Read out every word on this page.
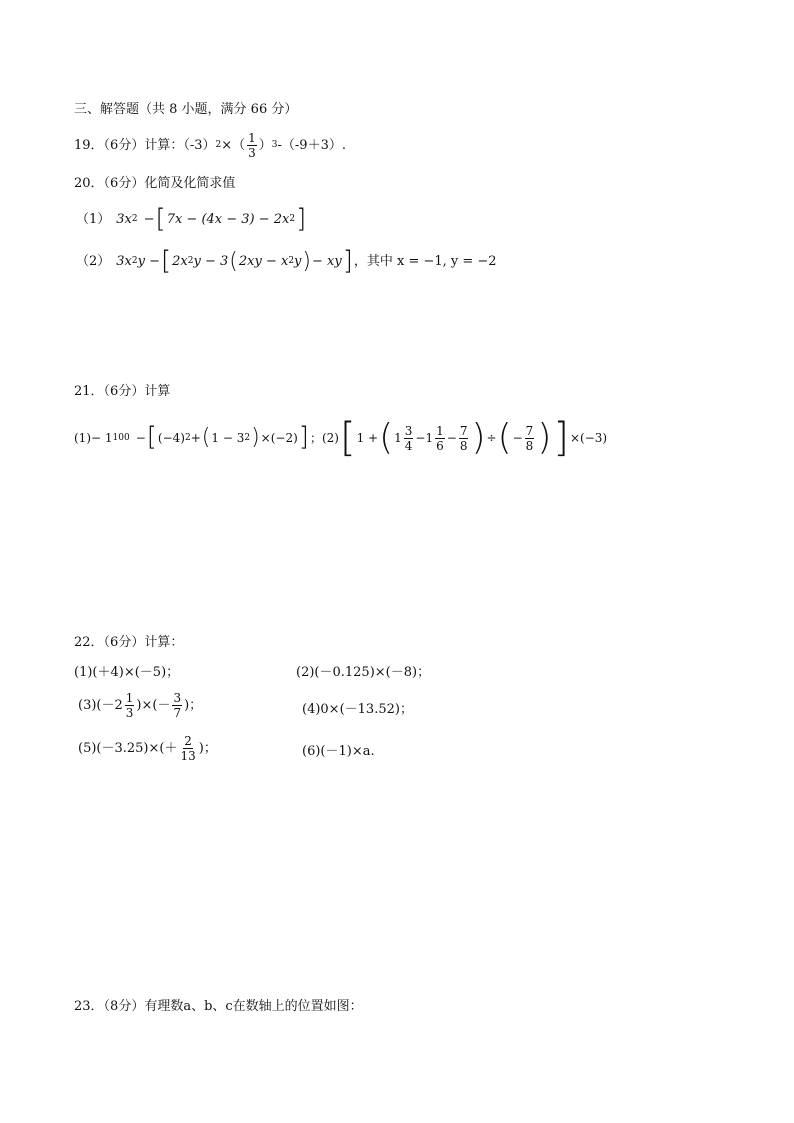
三、解答题（共 8 小题，满分 66 分）
19．（6分）计算：（-3） 2 ×（ $\frac{1}{3}$ ） 3 -（-9＋3）.
20．（6分）化简及化简求值
（1） 3x 2 − [ 7x − (4x − 3) − 2x 2 ]
（2） 3x 2 y − [ 2x 2 y − 3 ( 2xy − x 2 y ) − xy ] ，其中 x = −1, y = −2
21．（6分）计算
(1)− 1 100 − [ (−4) 2 + ( 1 − 3 2 ) × (−2) ] ； (2) [ 1 + ( $1 \frac{3}{4} - 1 \frac{1}{6} - \frac{7}{8}$ ) ÷ ( − $\frac{7}{8}$ ) ] ×(−3)
22．（6分）计算：
(1)(＋4)×(－5)；	(2)(－0.125)×(－8)；
$(3)(-2 \frac{1}{3}$ )×(－ $\frac{3}{7}$ )；	(4)0×(－13.52)；
$(5)(-3.25)\times(+ \frac{2}{13}$ )；	(6)(－1)×a.
23．（8分）有理数a、b、c在数轴上的位置如图：
